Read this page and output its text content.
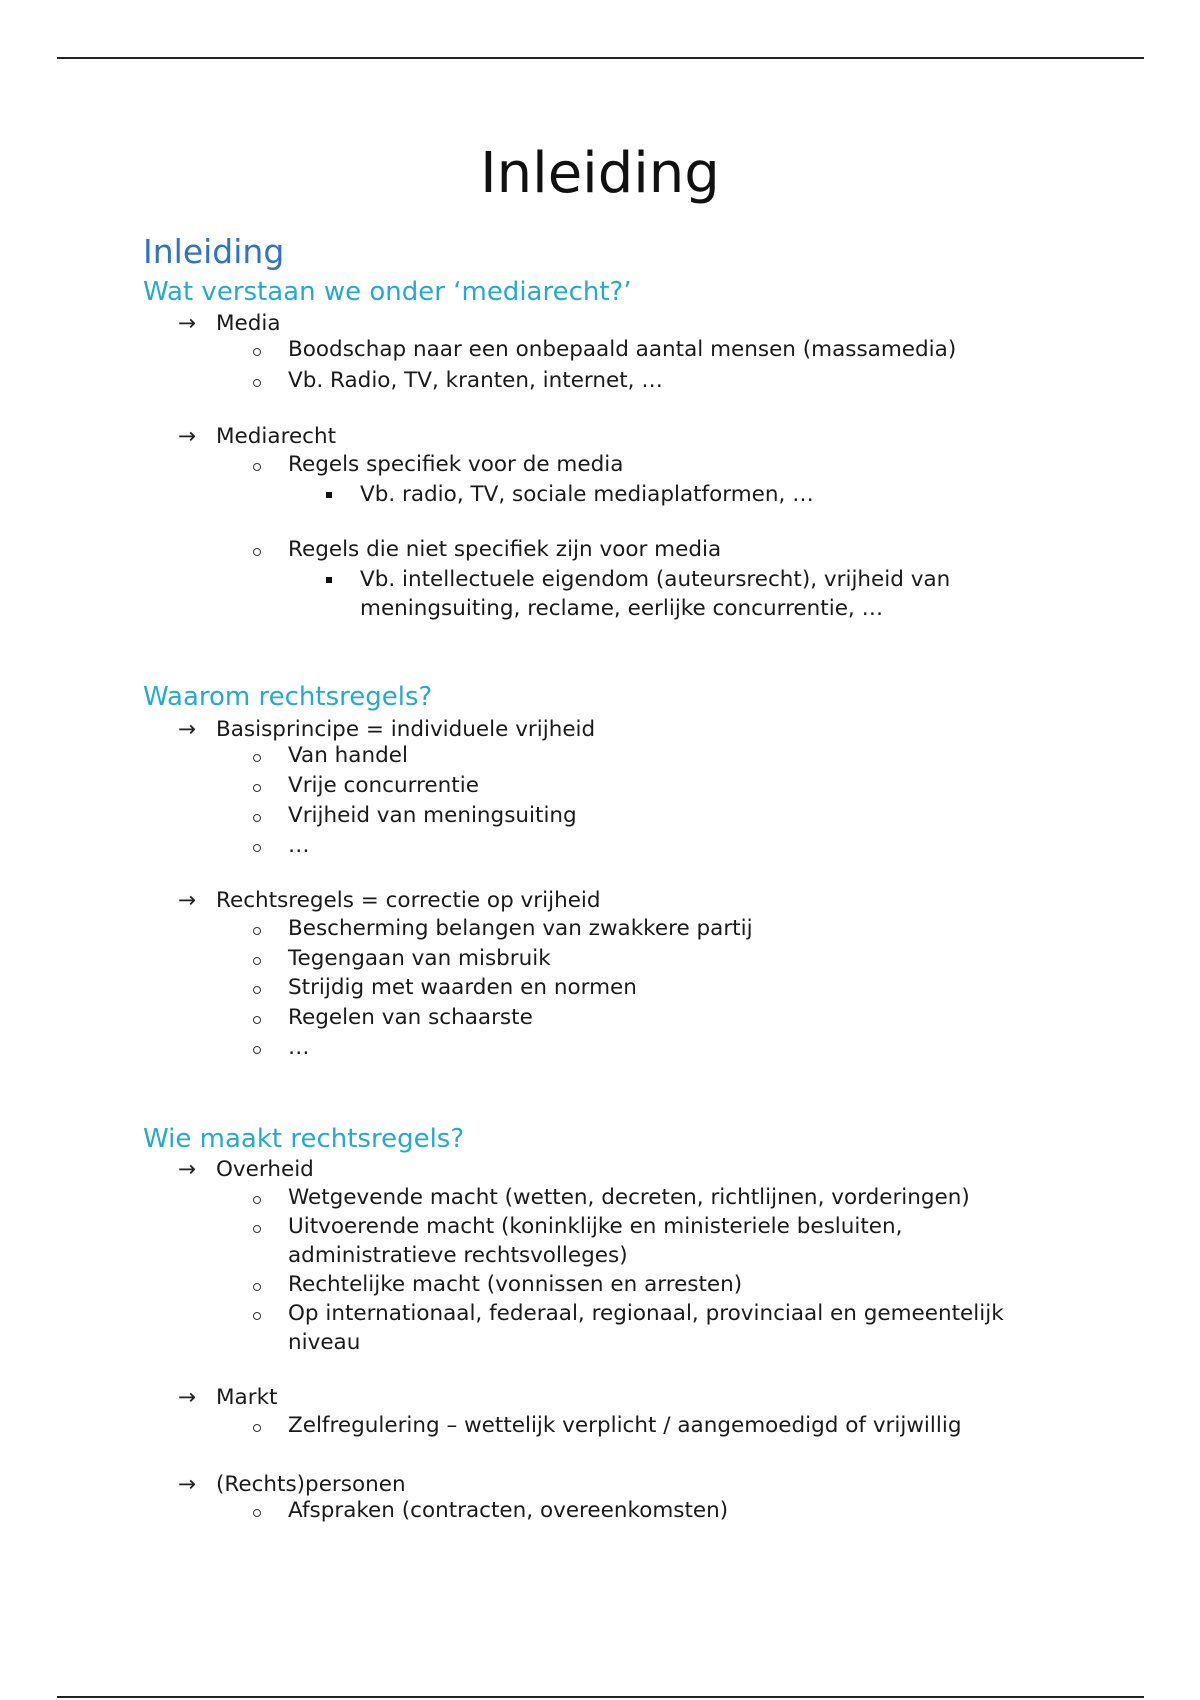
Inleiding
Inleiding
Wat verstaan we onder ‘mediarecht?’
→ Media
Boodschap naar een onbepaald aantal mensen (massamedia)
Vb. Radio, TV, kranten, internet, …
→ Mediarecht
Regels specifiek voor de media
Vb. radio, TV, sociale mediaplatformen, …
Regels die niet specifiek zijn voor media
Vb. intellectuele eigendom (auteursrecht), vrijheid van
meningsuiting, reclame, eerlijke concurrentie, …
Waarom rechtsregels?
→ Basisprincipe = individuele vrijheid
Van handel
Vrije concurrentie
Vrijheid van meningsuiting
…
→ Rechtsregels = correctie op vrijheid
Bescherming belangen van zwakkere partij
Tegengaan van misbruik
Strijdig met waarden en normen
Regelen van schaarste
…
Wie maakt rechtsregels?
→ Overheid
Wetgevende macht (wetten, decreten, richtlijnen, vorderingen)
Uitvoerende macht (koninklijke en ministeriele besluiten,
administratieve rechtsvolleges)
Rechtelijke macht (vonnissen en arresten)
Op internationaal, federaal, regionaal, provinciaal en gemeentelijk
niveau
→ Markt
Zelfregulering – wettelijk verplicht / aangemoedigd of vrijwillig
→ (Rechts)personen
Afspraken (contracten, overeenkomsten)
